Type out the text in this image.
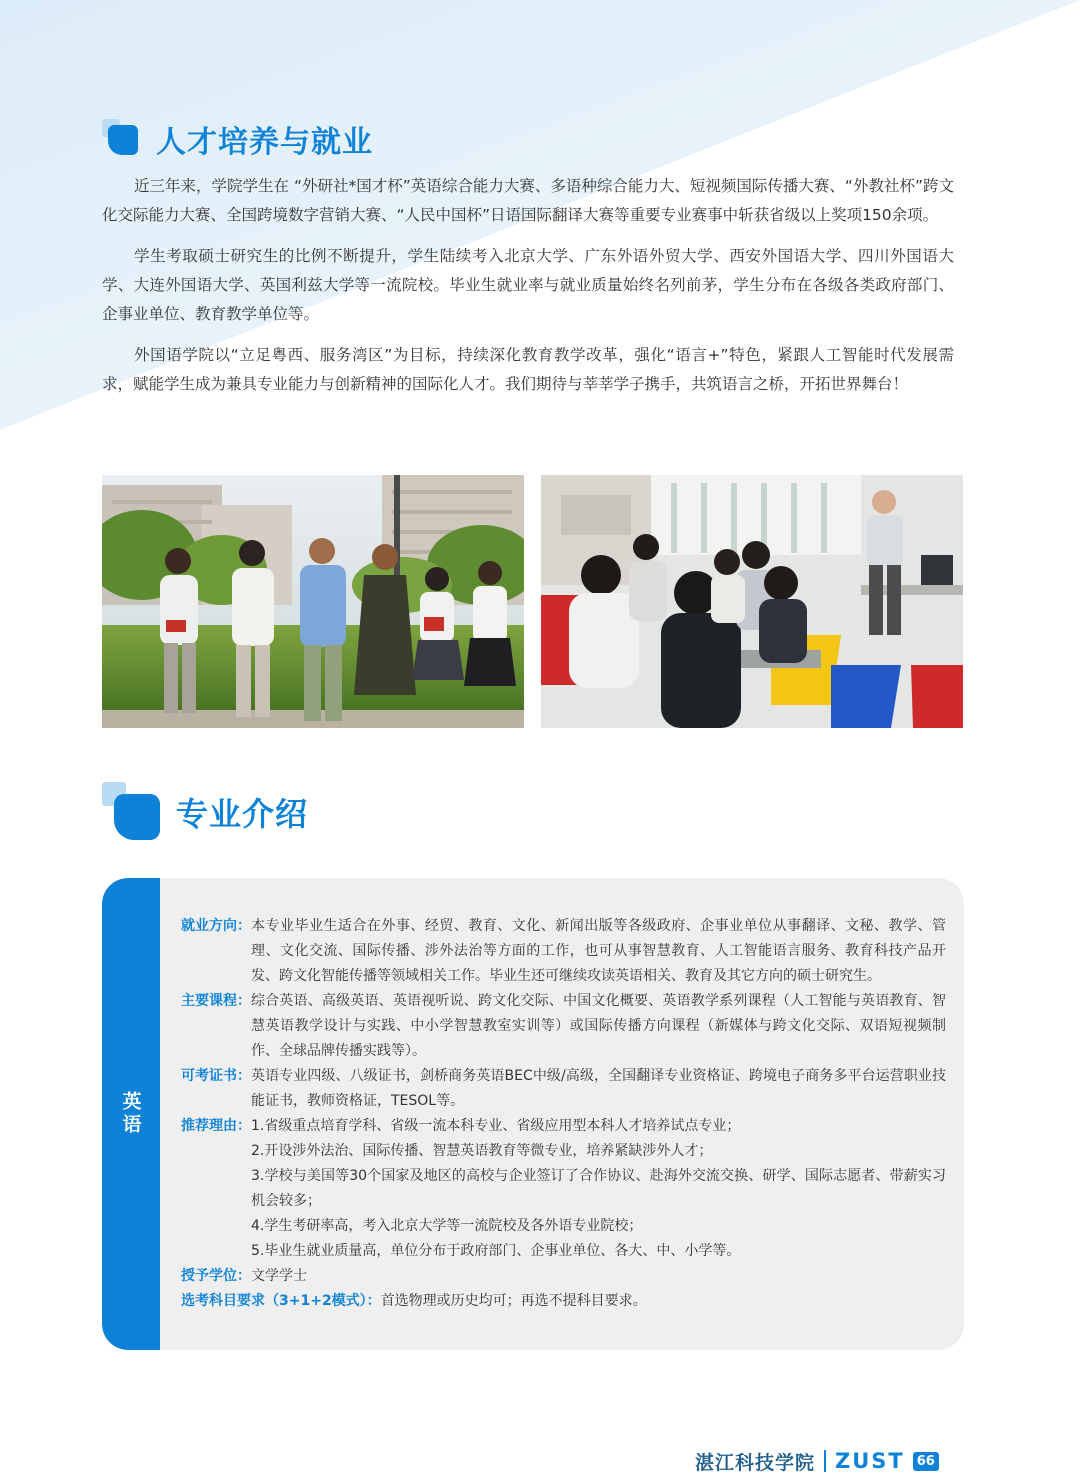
人才培养与就业

近三年来，学院学生在 “外研社*国才杯”英语综合能力大赛、多语种综合能力大、短视频国际传播大赛、“外教社杯”跨文化交际能力大赛、全国跨境数字营销大赛、“人民中国杯”日语国际翻译大赛等重要专业赛事中斩获省级以上奖项150余项。

学生考取硕士研究生的比例不断提升，学生陆续考入北京大学、广东外语外贸大学、西安外国语大学、四川外国语大学、大连外国语大学、英国利兹大学等一流院校。毕业生就业率与就业质量始终名列前茅，学生分布在各级各类政府部门、企事业单位、教育教学单位等。

外国语学院以“立足粤西、服务湾区”为目标，持续深化教育教学改革，强化“语言+”特色，紧跟人工智能时代发展需求，赋能学生成为兼具专业能力与创新精神的国际化人才。我们期待与莘莘学子携手，共筑语言之桥，开拓世界舞台！

专业介绍
英语
就业方向： 本专业毕业生适合在外事、经贸、教育、文化、新闻出版等各级政府、企事业单位从事翻译、文秘、教学、管理、文化交流、国际传播、涉外法治等方面的工作，也可从事智慧教育、人工智能语言服务、教育科技产品开发、跨文化智能传播等领域相关工作。毕业生还可继续攻读英语相关、教育及其它方向的硕士研究生。
主要课程： 综合英语、高级英语、英语视听说、跨文化交际、中国文化概要、英语教学系列课程（人工智能与英语教育、智慧英语教学设计与实践、中小学智慧教室实训等）或国际传播方向课程（新媒体与跨文化交际、双语短视频制作、全球品牌传播实践等）。
可考证书： 英语专业四级、八级证书，剑桥商务英语BEC中级/高级，全国翻译专业资格证、跨境电子商务多平台运营职业技能证书，教师资格证，TESOL等。
推荐理由： 1.省级重点培育学科、省级一流本科专业、省级应用型本科人才培养试点专业；
2.开设涉外法治、国际传播、智慧英语教育等微专业，培养紧缺涉外人才；
3.学校与美国等30个国家及地区的高校与企业签订了合作协议、赴海外交流交换、研学、国际志愿者、带薪实习机会较多；
4.学生考研率高，考入北京大学等一流院校及各外语专业院校；
5.毕业生就业质量高，单位分布于政府部门、企事业单位、各大、中、小学等。
授予学位： 文学学士
选考科目要求（3+1+2模式）： 首选物理或历史均可；再选不提科目要求。
湛江科技学院 ZUST 66
